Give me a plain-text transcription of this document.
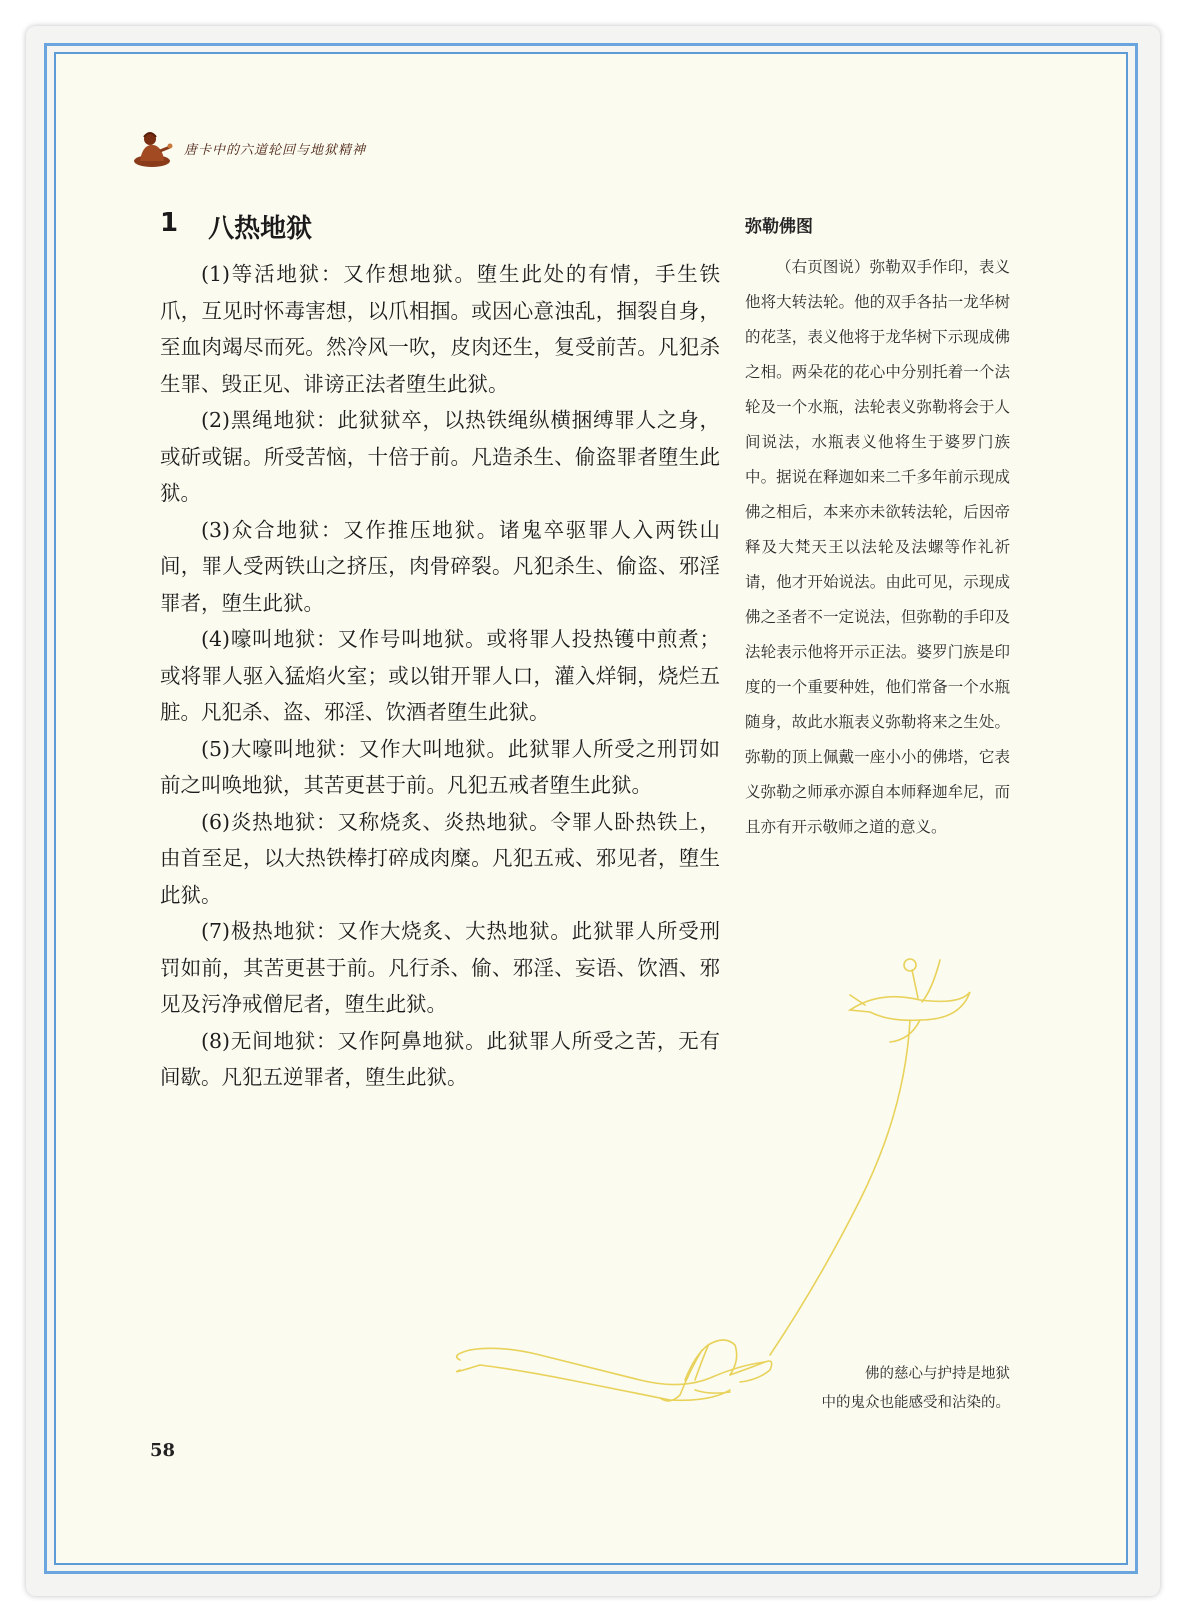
唐卡中的六道轮回与地狱精神
1 八热地狱

(1)等活地狱：又作想地狱。堕生此处的有情，手生铁爪，互见时怀毒害想，以爪相掴。或因心意浊乱，掴裂自身，至血肉竭尽而死。然冷风一吹，皮肉还生，复受前苦。凡犯杀生罪、毁正见、诽谤正法者堕生此狱。

(2)黑绳地狱：此狱狱卒，以热铁绳纵横捆缚罪人之身，或斫或锯。所受苦恼，十倍于前。凡造杀生、偷盗罪者堕生此狱。

(3)众合地狱：又作推压地狱。诸鬼卒驱罪人入两铁山间，罪人受两铁山之挤压，肉骨碎裂。凡犯杀生、偷盗、邪淫罪者，堕生此狱。

(4)嚎叫地狱：又作号叫地狱。或将罪人投热镬中煎煮；或将罪人驱入猛焰火室；或以钳开罪人口，灌入烊铜，烧烂五脏。凡犯杀、盗、邪淫、饮酒者堕生此狱。

(5)大嚎叫地狱：又作大叫地狱。此狱罪人所受之刑罚如前之叫唤地狱，其苦更甚于前。凡犯五戒者堕生此狱。

(6)炎热地狱：又称烧炙、炎热地狱。令罪人卧热铁上，由首至足，以大热铁棒打碎成肉糜。凡犯五戒、邪见者，堕生此狱。

(7)极热地狱：又作大烧炙、大热地狱。此狱罪人所受刑罚如前，其苦更甚于前。凡行杀、偷、邪淫、妄语、饮酒、邪见及污净戒僧尼者，堕生此狱。

(8)无间地狱：又作阿鼻地狱。此狱罪人所受之苦，无有间歇。凡犯五逆罪者，堕生此狱。

弥勒佛图

（右页图说）弥勒双手作印，表义他将大转法轮。他的双手各拈一龙华树的花茎，表义他将于龙华树下示现成佛之相。两朵花的花心中分别托着一个法轮及一个水瓶，法轮表义弥勒将会于人间说法，水瓶表义他将生于婆罗门族中。据说在释迦如来二千多年前示现成佛之相后，本来亦未欲转法轮，后因帝释及大梵天王以法轮及法螺等作礼祈请，他才开始说法。由此可见，示现成佛之圣者不一定说法，但弥勒的手印及法轮表示他将开示正法。婆罗门族是印度的一个重要种姓，他们常备一个水瓶随身，故此水瓶表义弥勒将来之生处。弥勒的顶上佩戴一座小小的佛塔，它表义弥勒之师承亦源自本师释迦牟尼，而且亦有开示敬师之道的意义。

佛的慈心与护持是地狱
中的鬼众也能感受和沾染的。
58
